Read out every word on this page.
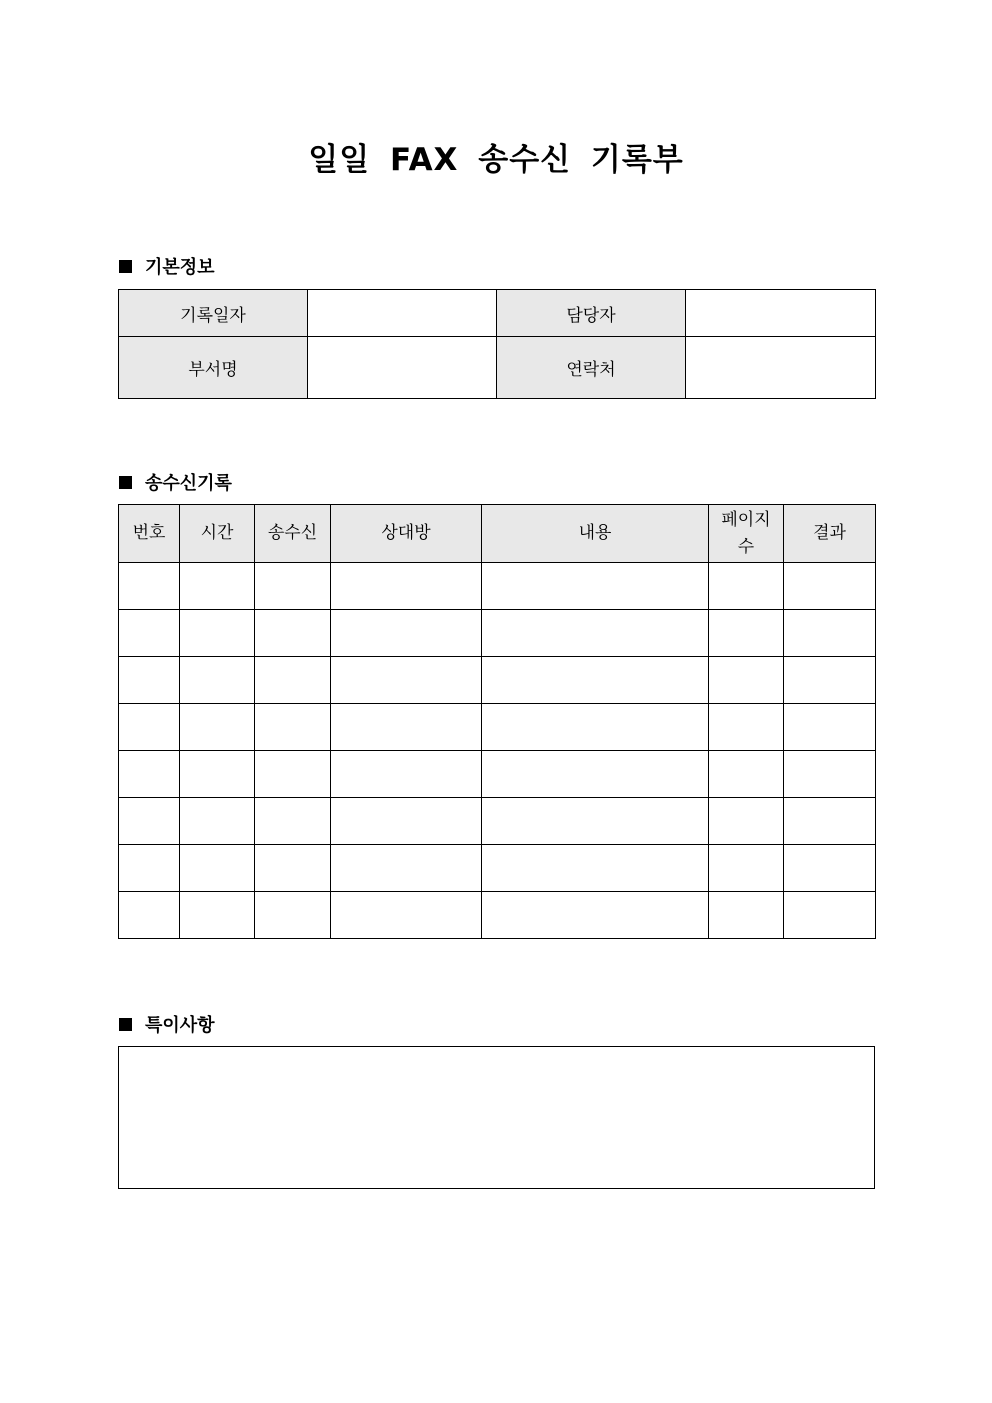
일일 FAX 송수신 기록부
기본정보
기록일자		담당자	
부서명		연락처	
송수신기록
번호	시간	송수신	상대방	내용	페이지수	결과

특이사항
